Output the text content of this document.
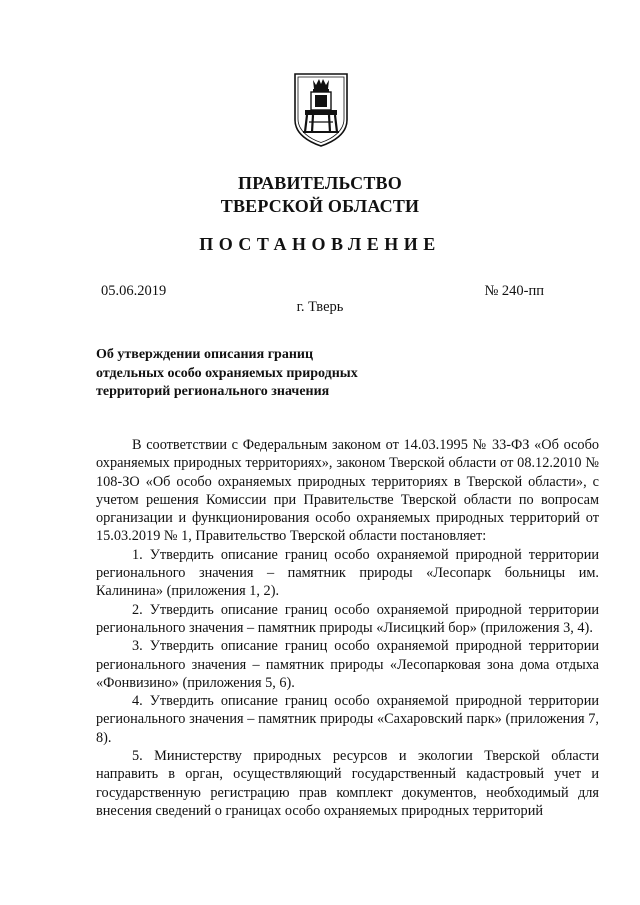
ПРАВИТЕЛЬСТВО
ТВЕРСКОЙ ОБЛАСТИ
ПОСТАНОВЛЕНИЕ
05.06.2019	№ 240-пп
г. Тверь
Об утверждении описания границ
отдельных особо охраняемых природных
территорий регионального значения

В соответствии с Федеральным законом от 14.03.1995 № 33-ФЗ «Об особо охраняемых природных территориях», законом Тверской области от 08.12.2010 № 108-ЗО «Об особо охраняемых природных территориях в Тверской области», с учетом решения Комиссии при Правительстве Тверской области по вопросам организации и функционирования особо охраняемых природных территорий от 15.03.2019 № 1, Правительство Тверской области постановляет:

1. Утвердить описание границ особо охраняемой природной территории регионального значения – памятник природы «Лесопарк больницы им. Калинина» (приложения 1, 2).

2. Утвердить описание границ особо охраняемой природной территории регионального значения – памятник природы «Лисицкий бор» (приложения 3, 4).

3. Утвердить описание границ особо охраняемой природной территории регионального значения – памятник природы «Лесопарковая зона дома отдыха «Фонвизино» (приложения 5, 6).

4. Утвердить описание границ особо охраняемой природной территории регионального значения – памятник природы «Сахаровский парк» (приложения 7, 8).

5. Министерству природных ресурсов и экологии Тверской области направить в орган, осуществляющий государственный кадастровый учет и государственную регистрацию прав комплект документов, необходимый для внесения сведений о границах особо охраняемых природных территорий
